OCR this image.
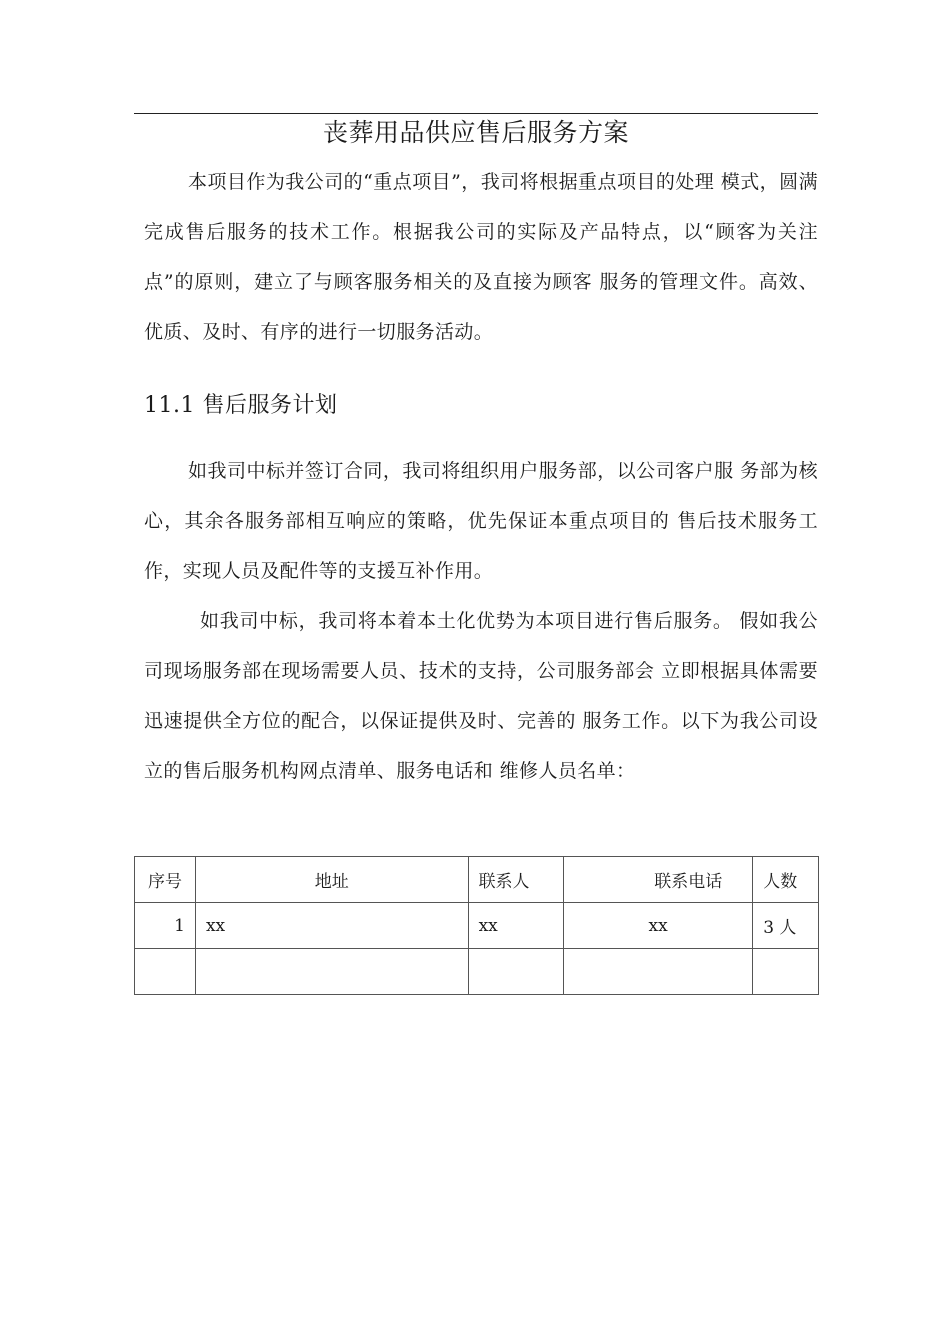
丧葬用品供应售后服务方案
本项目作为我公司的“重点项目”，我司将根据重点项目的处理 模式，圆满完成售后服务的技术工作。根据我公司的实际及产品特点，以“顾客为关注点”的原则，建立了与顾客服务相关的及直接为顾客 服务的管理文件。高效、优质、及时、有序的进行一切服务活动。
11.1 售后服务计划
如我司中标并签订合同，我司将组织用户服务部，以公司客户服 务部为核心，其余各服务部相互响应的策略，优先保证本重点项目的 售后技术服务工作，实现人员及配件等的支援互补作用。
如我司中标，我司将本着本土化优势为本项目进行售后服务。 假如我公司现场服务部在现场需要人员、技术的支持，公司服务部会 立即根据具体需要迅速提供全方位的配合，以保证提供及时、完善的 服务工作。以下为我公司设立的售后服务机构网点清单、服务电话和 维修人员名单：
序号	地址	联系人	联系电话	人数
1	xx	xx	xx	3 人
